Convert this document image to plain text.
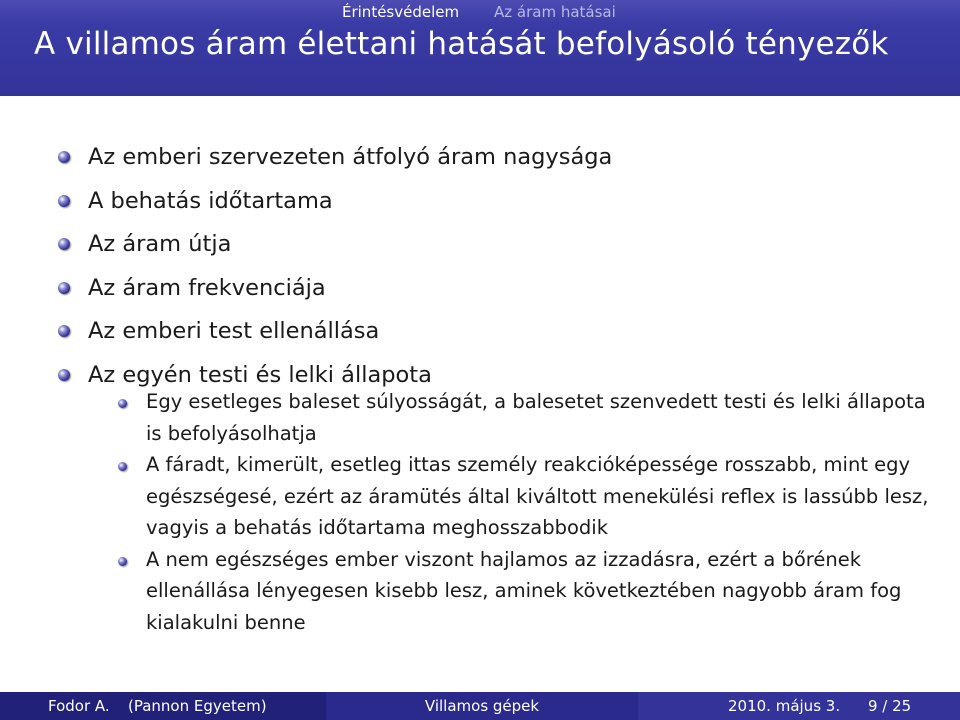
Érintésvédelem Az áram hatásai
A villamos áram élettani hatását befolyásoló tényezők
Az emberi szervezeten átfolyó áram nagysága
A behatás időtartama
Az áram útja
Az áram frekvenciája
Az emberi test ellenállása
Az egyén testi és lelki állapota
Egy esetleges baleset súlyosságát, a balesetet szenvedett testi és lelki állapota is befolyásolhatja
A fáradt, kimerült, esetleg ittas személy reakcióképessége rosszabb, mint egy egészségesé, ezért az áramütés által kiváltott menekülési reflex is lassúbb lesz, vagyis a behatás időtartama meghosszabbodik
A nem egészséges ember viszont hajlamos az izzadásra, ezért a bőrének ellenállása lényegesen kisebb lesz, aminek következtében nagyobb áram fog kialakulni benne
Fodor A. (Pannon Egyetem)	Villamos gépek	2010. május 3. 9 / 25
